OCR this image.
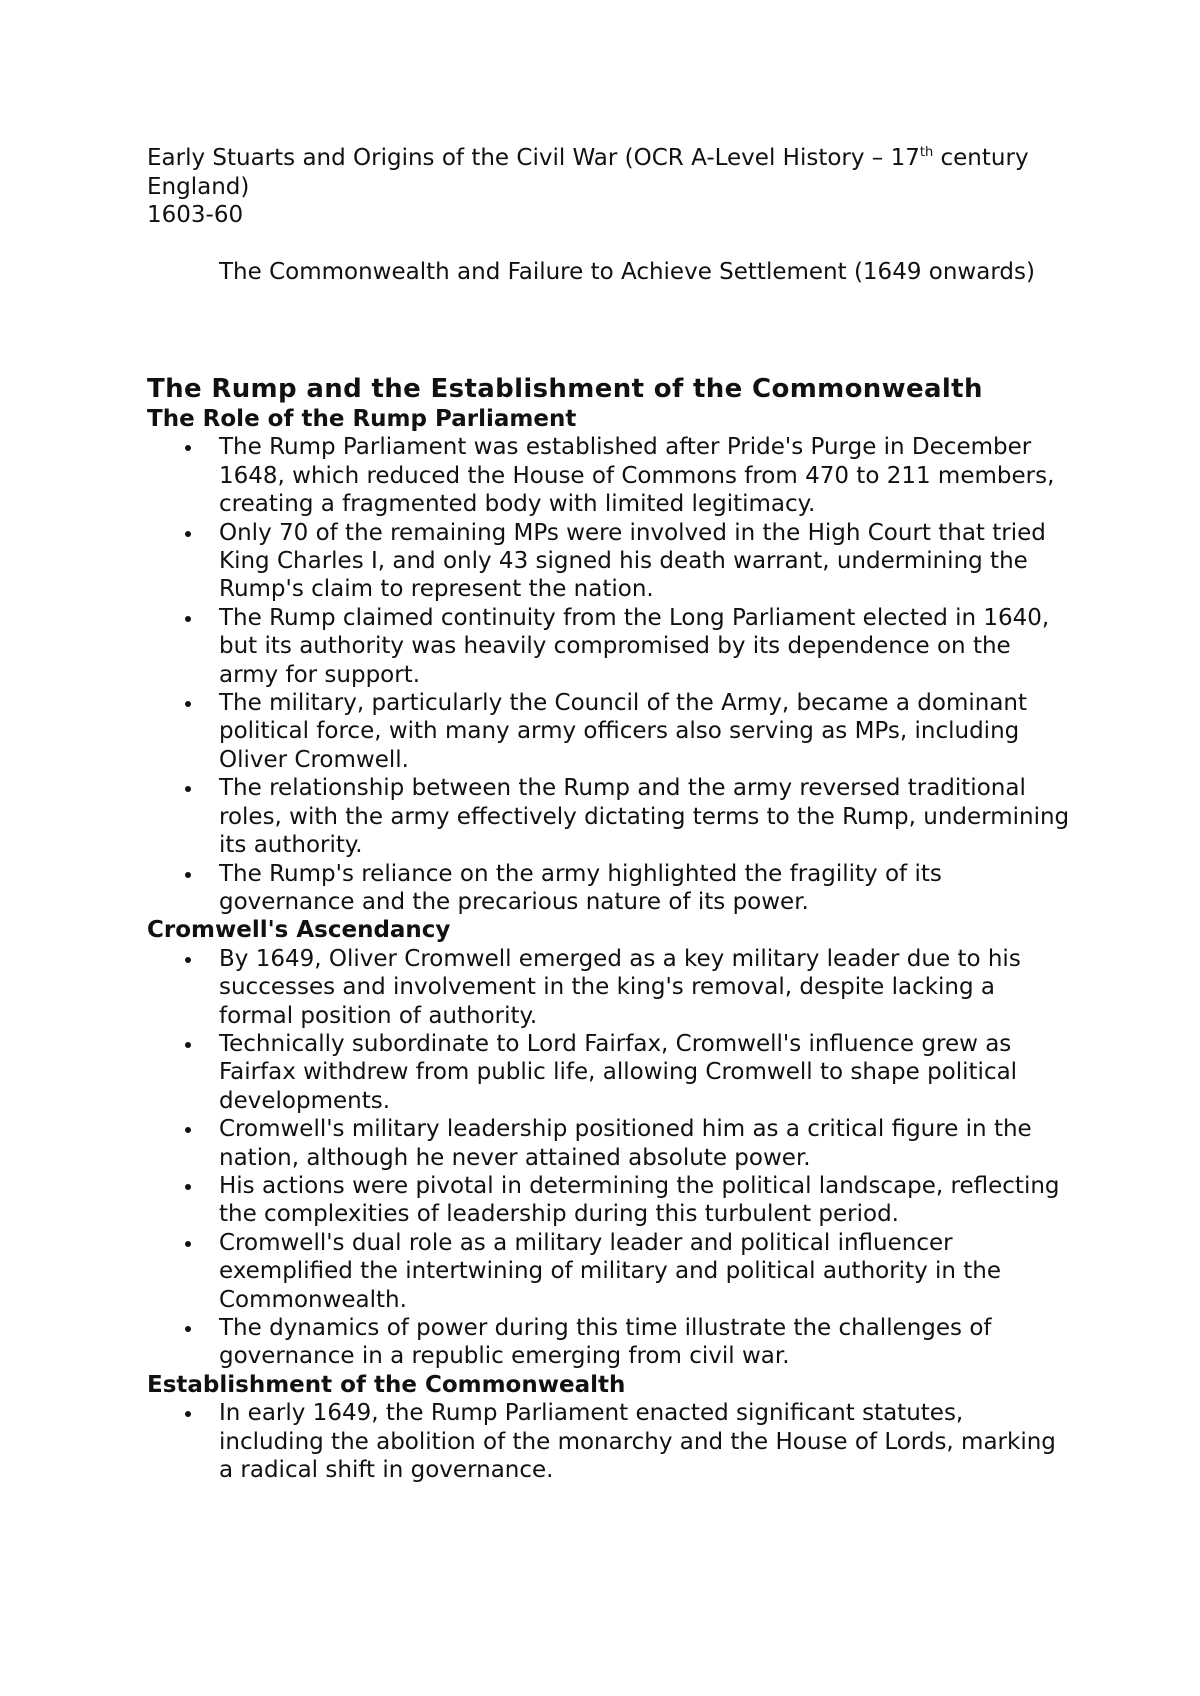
Early Stuarts and Origins of the Civil War (OCR A-Level History – 17th century England)
1603-60
The Commonwealth and Failure to Achieve Settlement (1649 onwards)
The Rump and the Establishment of the Commonwealth
The Role of the Rump Parliament
The Rump Parliament was established after Pride's Purge in December 1648, which reduced the House of Commons from 470 to 211 members, creating a fragmented body with limited legitimacy.
Only 70 of the remaining MPs were involved in the High Court that tried King Charles I, and only 43 signed his death warrant, undermining the Rump's claim to represent the nation.
The Rump claimed continuity from the Long Parliament elected in 1640, but its authority was heavily compromised by its dependence on the army for support.
The military, particularly the Council of the Army, became a dominant political force, with many army officers also serving as MPs, including Oliver Cromwell.
The relationship between the Rump and the army reversed traditional roles, with the army effectively dictating terms to the Rump, undermining its authority.
The Rump's reliance on the army highlighted the fragility of its governance and the precarious nature of its power.
Cromwell's Ascendancy
By 1649, Oliver Cromwell emerged as a key military leader due to his successes and involvement in the king's removal, despite lacking a formal position of authority.
Technically subordinate to Lord Fairfax, Cromwell's influence grew as Fairfax withdrew from public life, allowing Cromwell to shape political developments.
Cromwell's military leadership positioned him as a critical figure in the nation, although he never attained absolute power.
His actions were pivotal in determining the political landscape, reflecting the complexities of leadership during this turbulent period.
Cromwell's dual role as a military leader and political influencer exemplified the intertwining of military and political authority in the Commonwealth.
The dynamics of power during this time illustrate the challenges of governance in a republic emerging from civil war.
Establishment of the Commonwealth
In early 1649, the Rump Parliament enacted significant statutes, including the abolition of the monarchy and the House of Lords, marking a radical shift in governance.
